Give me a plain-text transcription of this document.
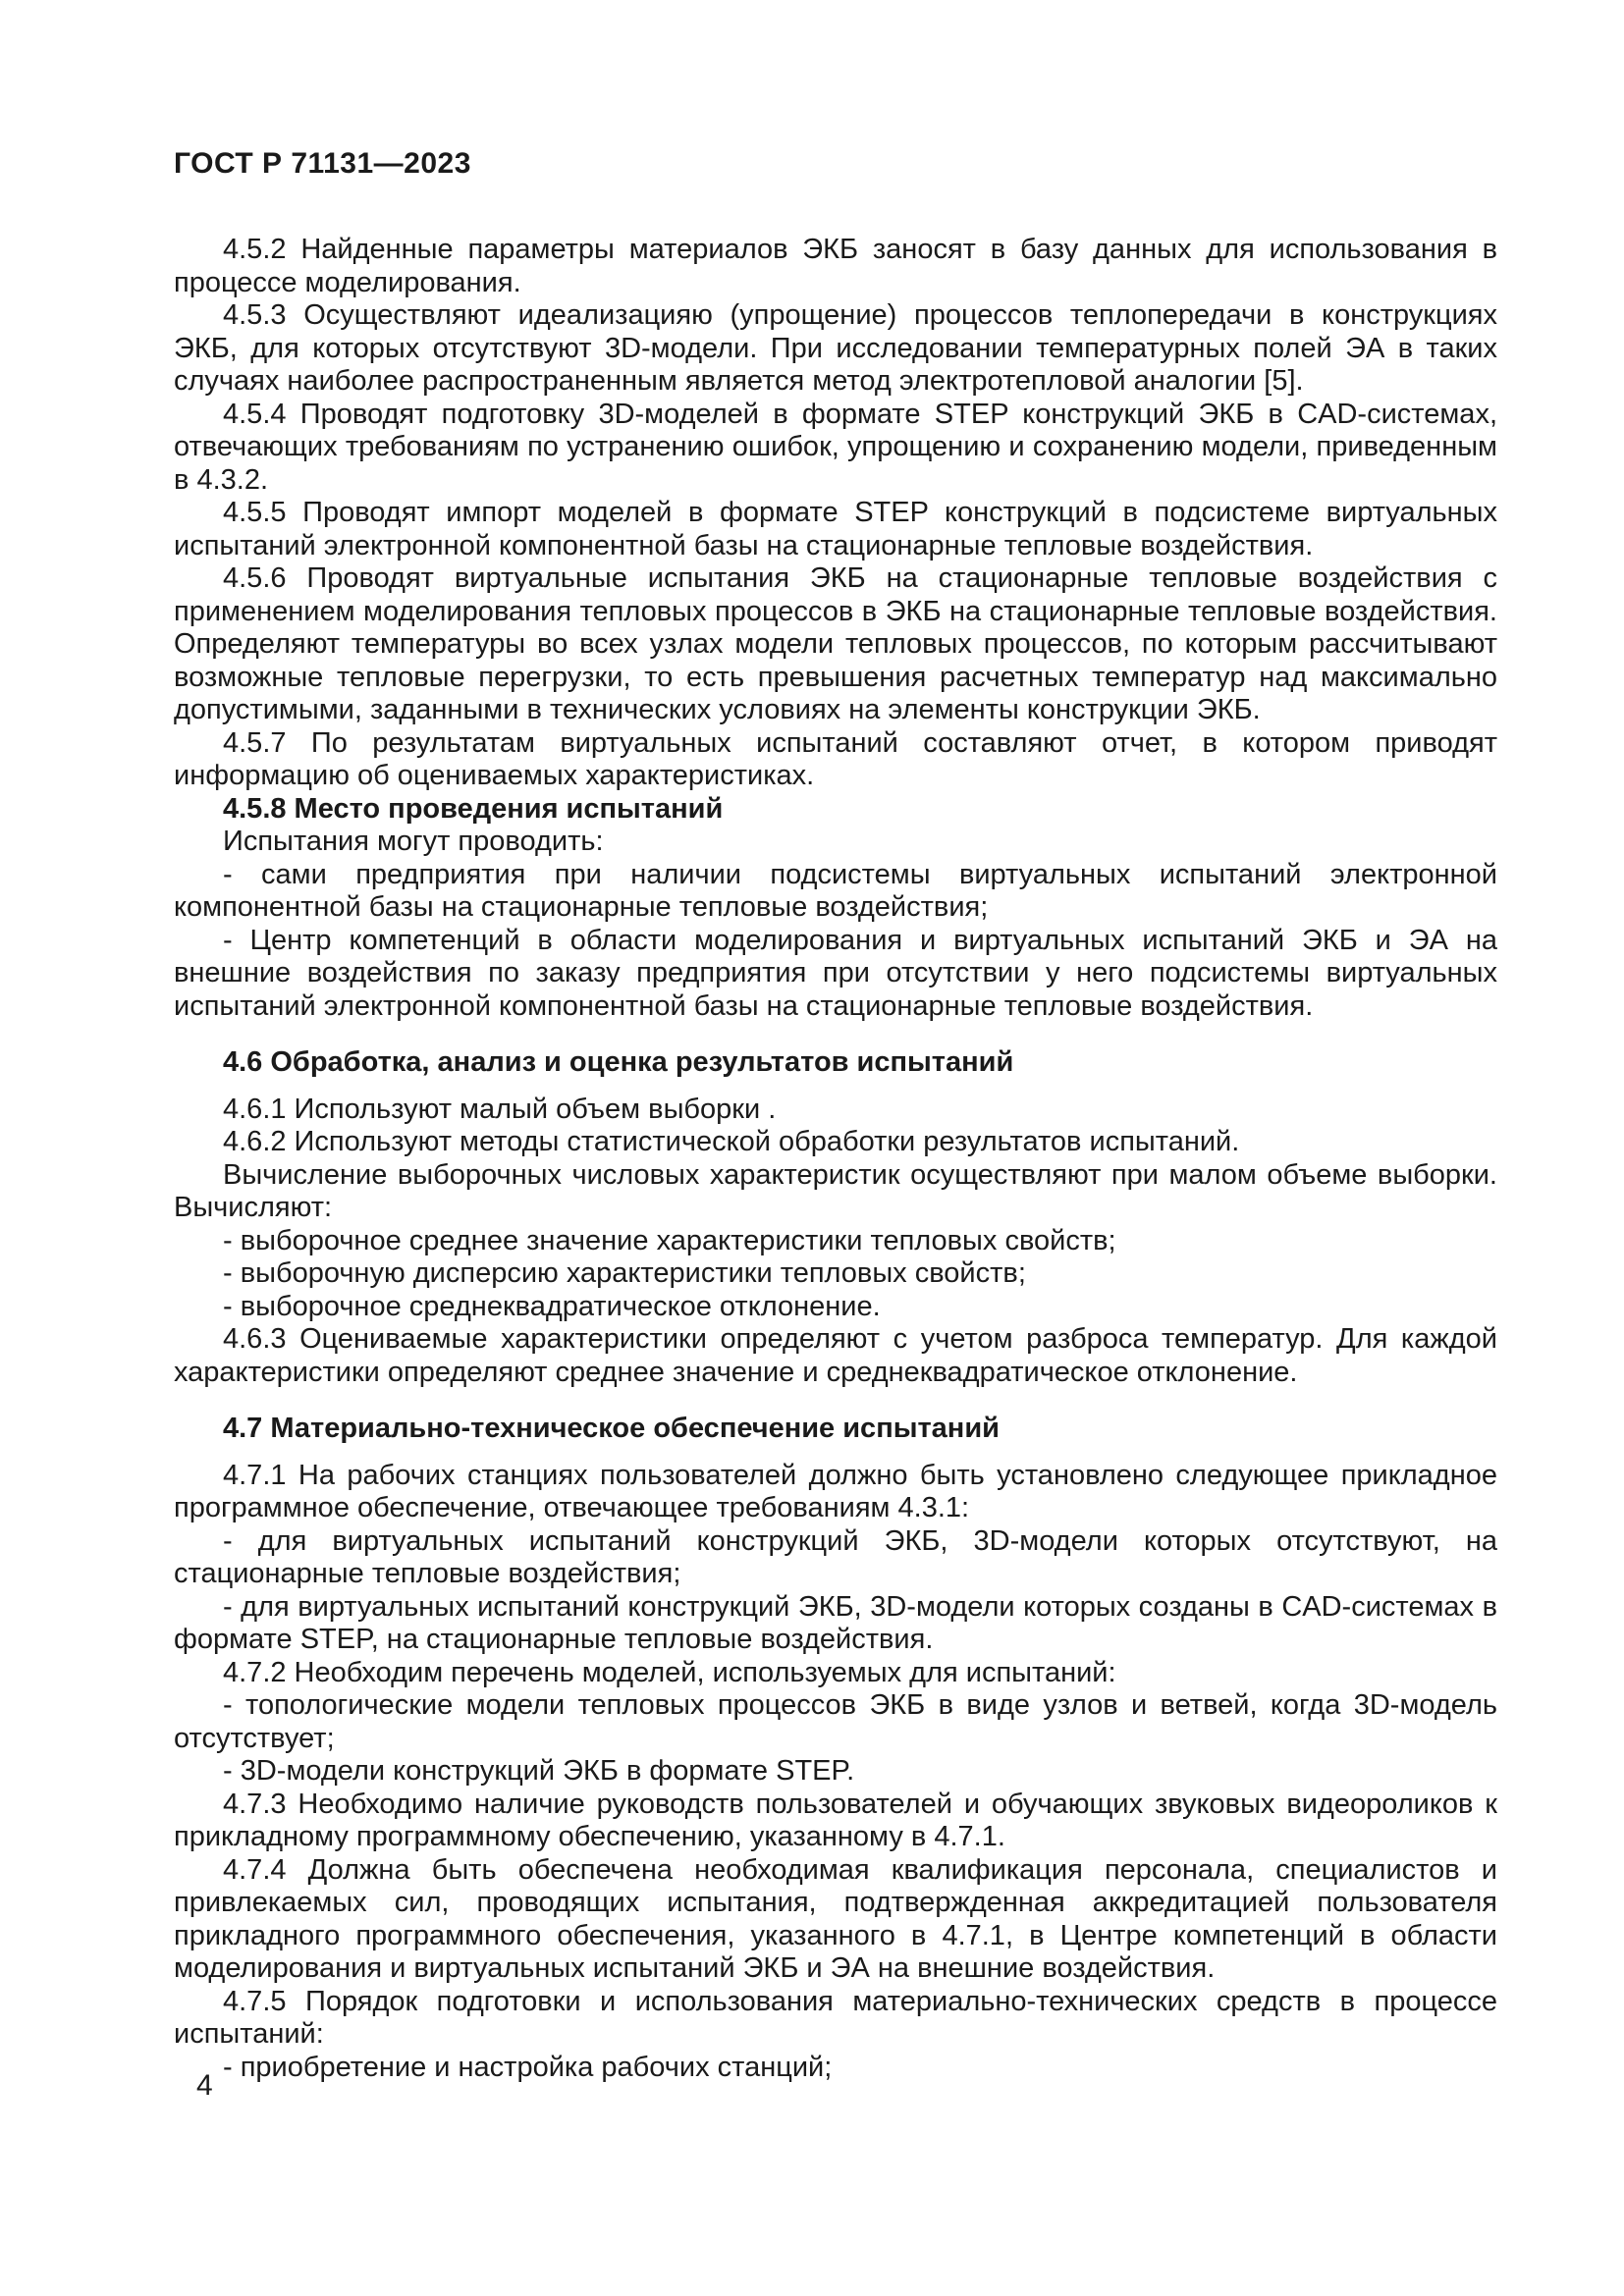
ГОСТ Р 71131—2023

4.5.2 Найденные параметры материалов ЭКБ заносят в базу данных для использования в процессе моделирования.

4.5.3 Осуществляют идеализацияю (упрощение) процессов теплопередачи в конструкциях ЭКБ, для которых отсутствуют 3D-модели. При исследовании температурных полей ЭА в таких случаях наиболее распространенным является метод электротепловой аналогии [5].

4.5.4 Проводят подготовку 3D-моделей в формате STEP конструкций ЭКБ в CAD-системах, отвечающих требованиям по устранению ошибок, упрощению и сохранению модели, приведенным в 4.3.2.

4.5.5 Проводят импорт моделей в формате STEP конструкций в подсистеме виртуальных испытаний электронной компонентной базы на стационарные тепловые воздействия.

4.5.6 Проводят виртуальные испытания ЭКБ на стационарные тепловые воздействия с применением моделирования тепловых процессов в ЭКБ на стационарные тепловые воздействия. Определяют температуры во всех узлах модели тепловых процессов, по которым рассчитывают возможные тепловые перегрузки, то есть превышения расчетных температур над максимально допустимыми, заданными в технических условиях на элементы конструкции ЭКБ.

4.5.7 По результатам виртуальных испытаний составляют отчет, в котором приводят информацию об оцениваемых характеристиках.

4.5.8 Место проведения испытаний

Испытания могут проводить:

- сами предприятия при наличии подсистемы виртуальных испытаний электронной компонентной базы на стационарные тепловые воздействия;

- Центр компетенций в области моделирования и виртуальных испытаний ЭКБ и ЭА на внешние воздействия по заказу предприятия при отсутствии у него подсистемы виртуальных испытаний электронной компонентной базы на стационарные тепловые воздействия.

4.6 Обработка, анализ и оценка результатов испытаний

4.6.1 Используют малый объем выборки .

4.6.2 Используют методы статистической обработки результатов испытаний.

Вычисление выборочных числовых характеристик осуществляют при малом объеме выборки. Вычисляют:

- выборочное среднее значение характеристики тепловых свойств;

- выборочную дисперсию характеристики тепловых свойств;

- выборочное среднеквадратическое отклонение.

4.6.3 Оцениваемые характеристики определяют с учетом разброса температур. Для каждой характеристики определяют среднее значение и среднеквадратическое отклонение.

4.7 Материально-техническое обеспечение испытаний

4.7.1 На рабочих станциях пользователей должно быть установлено следующее прикладное программное обеспечение, отвечающее требованиям 4.3.1:

- для виртуальных испытаний конструкций ЭКБ, 3D-модели которых отсутствуют, на стационарные тепловые воздействия;

- для виртуальных испытаний конструкций ЭКБ, 3D-модели которых созданы в CAD-системах в формате STEP, на стационарные тепловые воздействия.

4.7.2 Необходим перечень моделей, используемых для испытаний:

- топологические модели тепловых процессов ЭКБ в виде узлов и ветвей, когда 3D-модель отсутствует;

- 3D-модели конструкций ЭКБ в формате STEP.

4.7.3 Необходимо наличие руководств пользователей и обучающих звуковых видеороликов к прикладному программному обеспечению, указанному в 4.7.1.

4.7.4 Должна быть обеспечена необходимая квалификация персонала, специалистов и привлекаемых сил, проводящих испытания, подтвержденная аккредитацией пользователя прикладного программного обеспечения, указанного в 4.7.1, в Центре компетенций в области моделирования и виртуальных испытаний ЭКБ и ЭА на внешние воздействия.

4.7.5 Порядок подготовки и использования материально-технических средств в процессе испытаний:

- приобретение и настройка рабочих станций;

4
